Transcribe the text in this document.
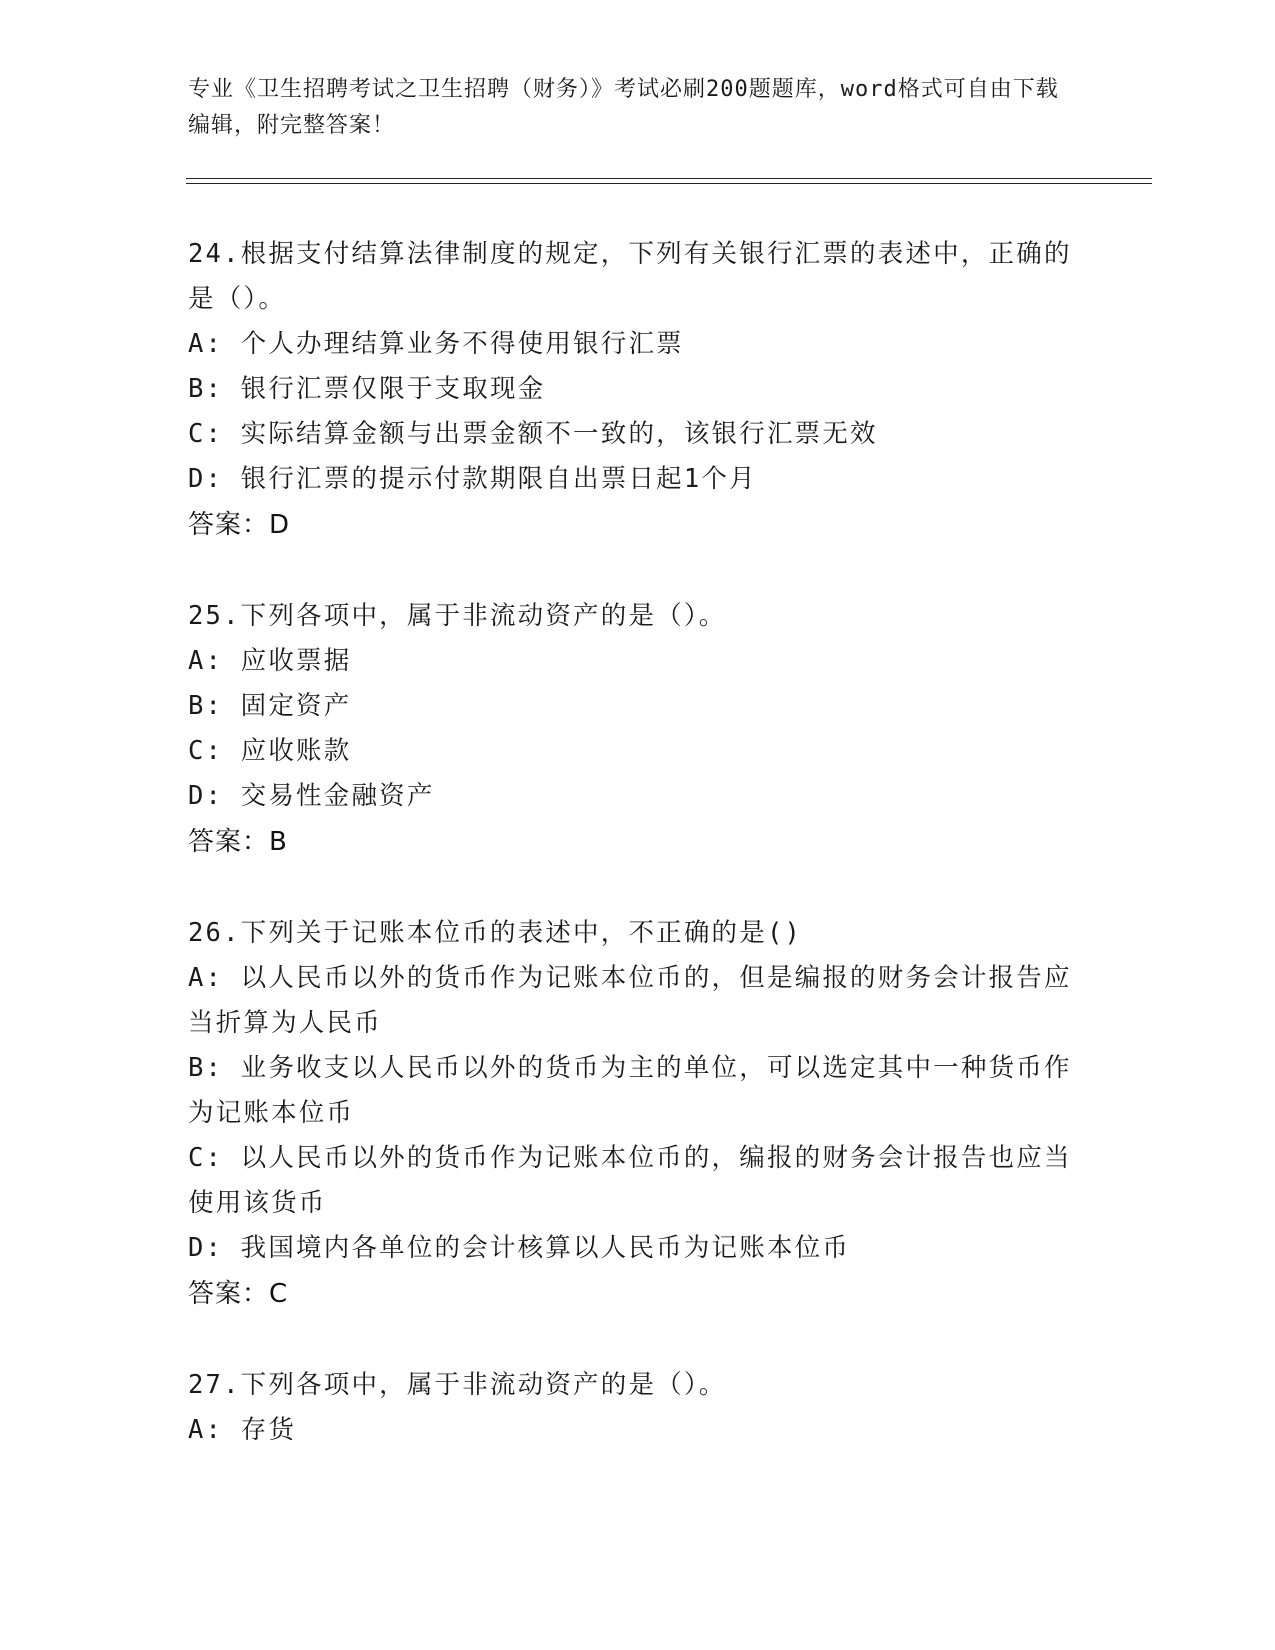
专业《卫生招聘考试之卫生招聘（财务）》考试必刷200题题库，word格式可自由下载编辑，附完整答案！

24.根据支付结算法律制度的规定，下列有关银行汇票的表述中，正确的是（）。

A: 个人办理结算业务不得使用银行汇票

B: 银行汇票仅限于支取现金

C: 实际结算金额与出票金额不一致的，该银行汇票无效

D: 银行汇票的提示付款期限自出票日起1个月

答案：D

25.下列各项中，属于非流动资产的是（）。

A: 应收票据

B: 固定资产

C: 应收账款

D: 交易性金融资产

答案：B

26.下列关于记账本位币的表述中，不正确的是()

A: 以人民币以外的货币作为记账本位币的，但是编报的财务会计报告应当折算为人民币

B: 业务收支以人民币以外的货币为主的单位，可以选定其中一种货币作为记账本位币

C: 以人民币以外的货币作为记账本位币的，编报的财务会计报告也应当使用该货币

D: 我国境内各单位的会计核算以人民币为记账本位币

答案：C

27.下列各项中，属于非流动资产的是（）。

A: 存货
